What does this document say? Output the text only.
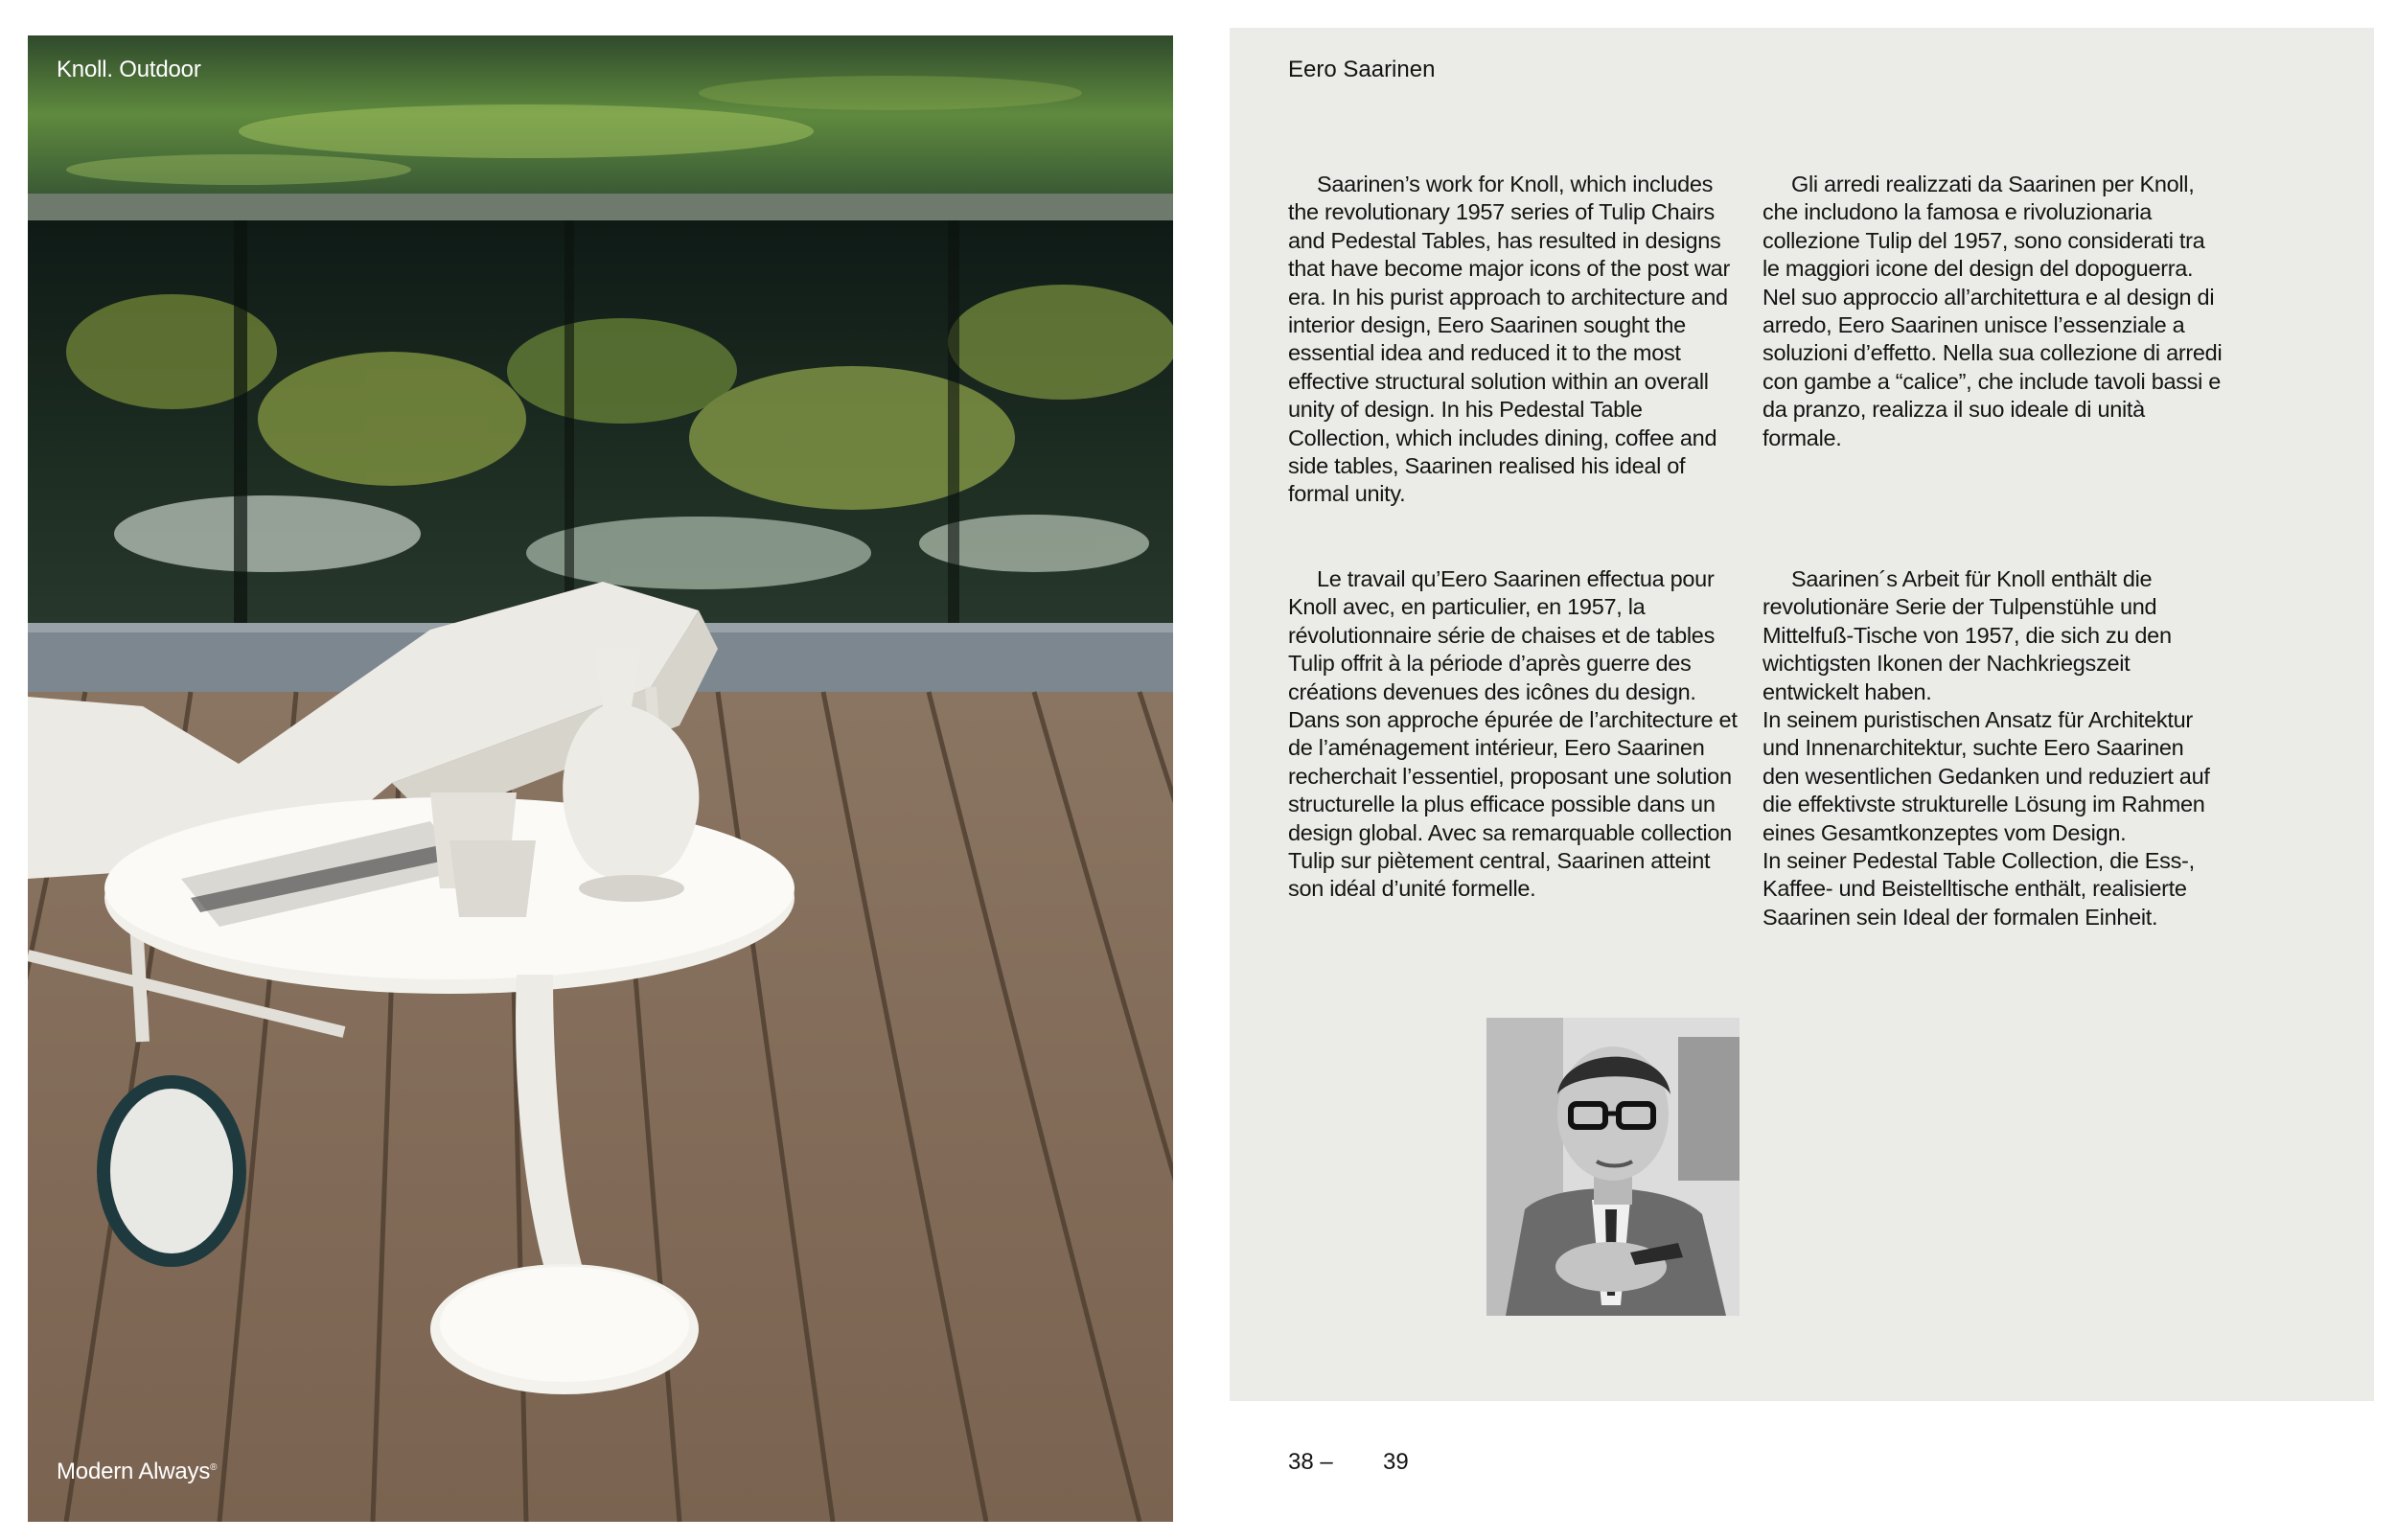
Knoll. Outdoor
Modern Always®
Eero Saarinen

Saarinen’s work for Knoll, which includes the revolutionary 1957 series of Tulip Chairs and Pedestal Tables, has resulted in designs that have become major icons of the post war era. In his purist approach to architecture and interior design, Eero Saarinen sought the essential idea and reduced it to the most effective structural solution within an overall unity of design. In his Pedestal Table Collection, which includes dining, coffee and side tables, Saarinen realised his ideal of formal unity.

Gli arredi realizzati da Saarinen per Knoll, che includono la famosa e rivoluzionaria collezione Tulip del 1957, sono considerati tra le maggiori icone del design del dopoguerra. Nel suo approccio all’architettura e al design di arredo, Eero Saarinen unisce l’essenziale a soluzioni d’effetto. Nella sua collezione di arredi con gambe a “calice”, che include tavoli bassi e da pranzo, realizza il suo ideale di unità formale.

Le travail qu’Eero Saarinen effectua pour Knoll avec, en particulier, en 1957, la révolutionnaire série de chaises et de tables Tulip offrit à la période d’après guerre des créations devenues des icônes du design. Dans son approche épurée de l’architecture et de l’aménagement intérieur, Eero Saarinen recherchait l’essentiel, proposant une solution structurelle la plus efficace possible dans un design global. Avec sa remarquable collection Tulip sur piètement central, Saarinen atteint son idéal d’unité formelle.

Saarinen´s Arbeit für Knoll enthält die revolutionäre Serie der Tulpenstühle und Mittelfuß-Tische von 1957, die sich zu den wichtigsten Ikonen der Nachkriegszeit entwickelt haben.
In seinem puristischen Ansatz für Architektur und Innenarchitektur, suchte Eero Saarinen den wesentlichen Gedanken und reduziert auf die effektivste strukturelle Lösung im Rahmen eines Gesamtkonzeptes vom Design.
In seiner Pedestal Table Collection, die Ess-, Kaffee- und Beistelltische enthält, realisierte Saarinen sein Ideal der formalen Einheit.
38 – 39
